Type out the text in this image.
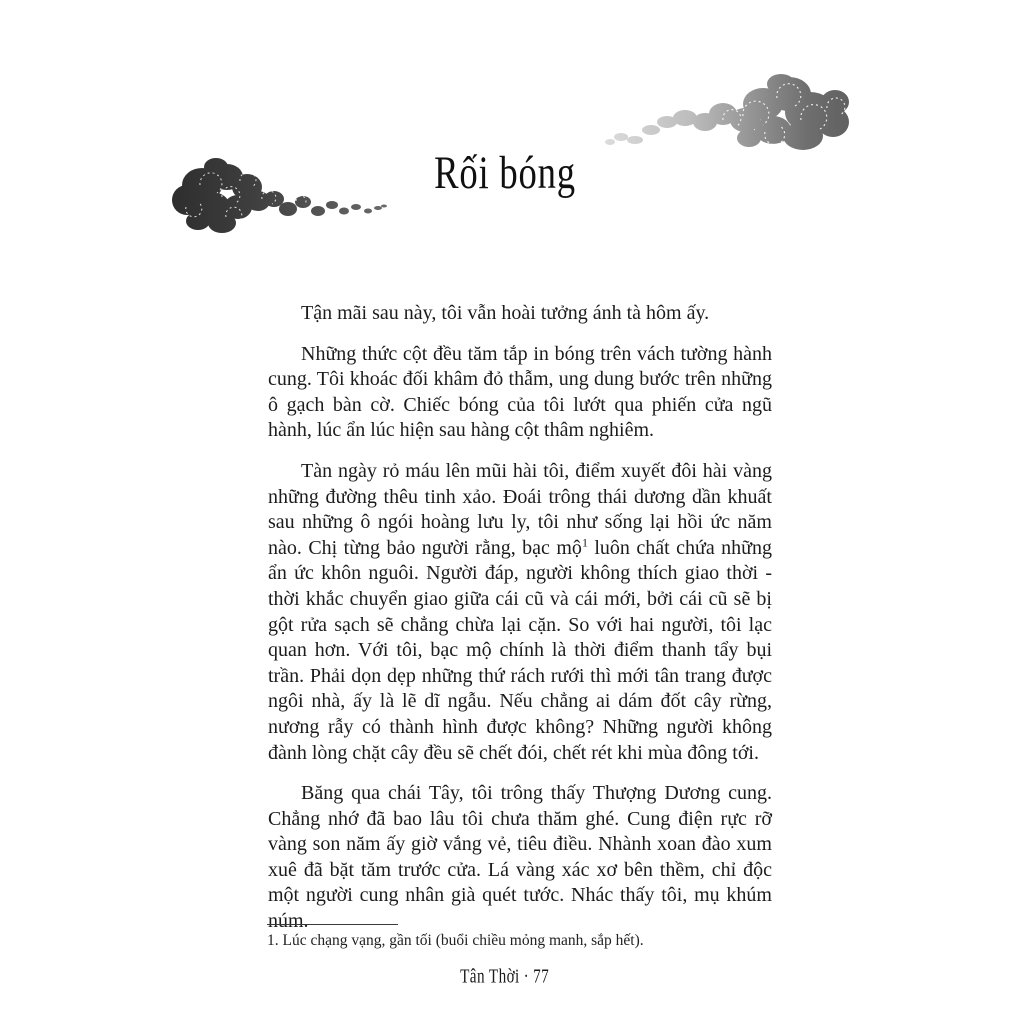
Rối bóng

Tận mãi sau này, tôi vẫn hoài tưởng ánh tà hôm ấy.

Những thức cột đều tăm tắp in bóng trên vách tường hành cung. Tôi khoác đối khâm đỏ thẫm, ung dung bước trên những ô gạch bàn cờ. Chiếc bóng của tôi lướt qua phiến cửa ngũ hành, lúc ẩn lúc hiện sau hàng cột thâm nghiêm.

Tàn ngày rỏ máu lên mũi hài tôi, điểm xuyết đôi hài vàng những đường thêu tinh xảo. Đoái trông thái dương dần khuất sau những ô ngói hoàng lưu ly, tôi như sống lại hồi ức năm nào. Chị từng bảo người rằng, bạc mộ$^1$ luôn chất chứa những ẩn ức khôn nguôi. Người đáp, người không thích giao thời - thời khắc chuyển giao giữa cái cũ và cái mới, bởi cái cũ sẽ bị gột rửa sạch sẽ chẳng chừa lại cặn. So với hai người, tôi lạc quan hơn. Với tôi, bạc mộ chính là thời điểm thanh tẩy bụi trần. Phải dọn dẹp những thứ rách rưới thì mới tân trang được ngôi nhà, ấy là lẽ dĩ ngẫu. Nếu chẳng ai dám đốt cây rừng, nương rẫy có thành hình được không? Những người không đành lòng chặt cây đều sẽ chết đói, chết rét khi mùa đông tới.

Băng qua chái Tây, tôi trông thấy Thượng Dương cung. Chẳng nhớ đã bao lâu tôi chưa thăm ghé. Cung điện rực rỡ vàng son năm ấy giờ vắng vẻ, tiêu điều. Nhành xoan đào xum xuê đã bặt tăm trước cửa. Lá vàng xác xơ bên thềm, chỉ độc một người cung nhân già quét tước. Nhác thấy tôi, mụ khúm núm.

1. Lúc chạng vạng, gần tối (buổi chiều mỏng manh, sắp hết).

Tân Thời · 77
